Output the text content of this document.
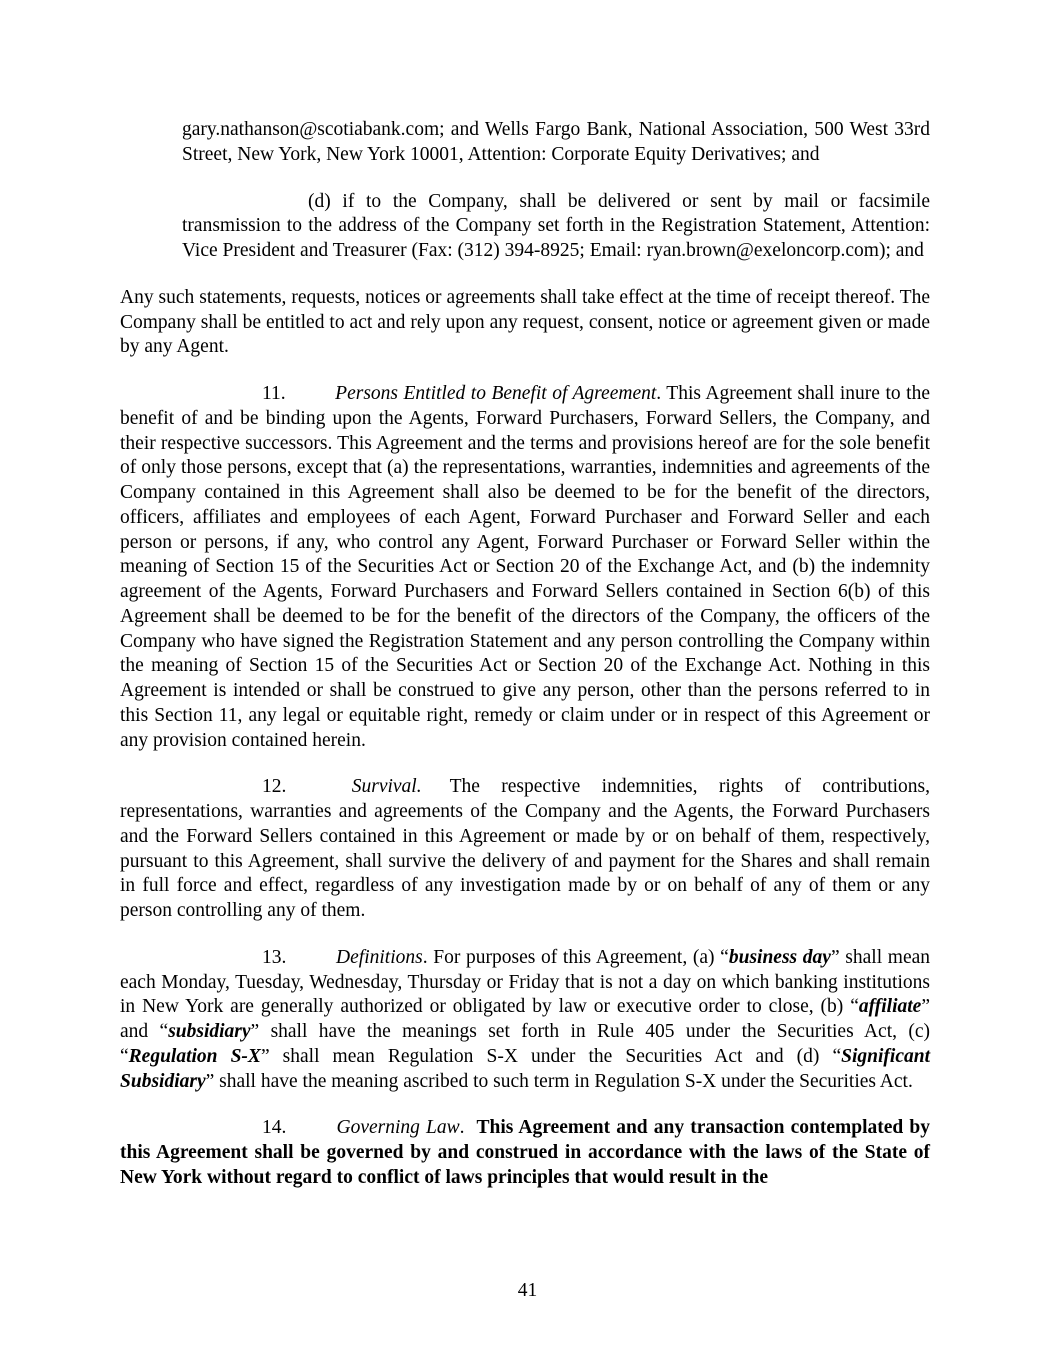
gary.nathanson@scotiabank.com; and Wells Fargo Bank, National Association, 500 West 33rd Street, New York, New York 10001, Attention: Corporate Equity Derivatives; and

(d) if to the Company, shall be delivered or sent by mail or facsimile transmission to the address of the Company set forth in the Registration Statement, Attention: Vice President and Treasurer (Fax: (312) 394-8925; Email: ryan.brown@exeloncorp.com); and

Any such statements, requests, notices or agreements shall take effect at the time of receipt thereof. The Company shall be entitled to act and rely upon any request, consent, notice or agreement given or made by any Agent.

11.	Persons Entitled to Benefit of Agreement. This Agreement shall inure to the benefit of and be binding upon the Agents, Forward Purchasers, Forward Sellers, the Company, and their respective successors. This Agreement and the terms and provisions hereof are for the sole benefit of only those persons, except that (a) the representations, warranties, indemnities and agreements of the Company contained in this Agreement shall also be deemed to be for the benefit of the directors, officers, affiliates and employees of each Agent, Forward Purchaser and Forward Seller and each person or persons, if any, who control any Agent, Forward Purchaser or Forward Seller within the meaning of Section 15 of the Securities Act or Section 20 of the Exchange Act, and (b) the indemnity agreement of the Agents, Forward Purchasers and Forward Sellers contained in Section 6(b) of this Agreement shall be deemed to be for the benefit of the directors of the Company, the officers of the Company who have signed the Registration Statement and any person controlling the Company within the meaning of Section 15 of the Securities Act or Section 20 of the Exchange Act. Nothing in this Agreement is intended or shall be construed to give any person, other than the persons referred to in this Section 11, any legal or equitable right, remedy or claim under or in respect of this Agreement or any provision contained herein.

12.	Survival. The respective indemnities, rights of contributions, representations, warranties and agreements of the Company and the Agents, the Forward Purchasers and the Forward Sellers contained in this Agreement or made by or on behalf of them, respectively, pursuant to this Agreement, shall survive the delivery of and payment for the Shares and shall remain in full force and effect, regardless of any investigation made by or on behalf of any of them or any person controlling any of them.

13.	Definitions. For purposes of this Agreement, (a) “business day” shall mean each Monday, Tuesday, Wednesday, Thursday or Friday that is not a day on which banking institutions in New York are generally authorized or obligated by law or executive order to close, (b) “affiliate” and “subsidiary” shall have the meanings set forth in Rule 405 under the Securities Act, (c) “Regulation S-X” shall mean Regulation S-X under the Securities Act and (d) “Significant Subsidiary” shall have the meaning ascribed to such term in Regulation S-X under the Securities Act.

14.	Governing Law. This Agreement and any transaction contemplated by this Agreement shall be governed by and construed in accordance with the laws of the State of New York without regard to conflict of laws principles that would result in the

41
